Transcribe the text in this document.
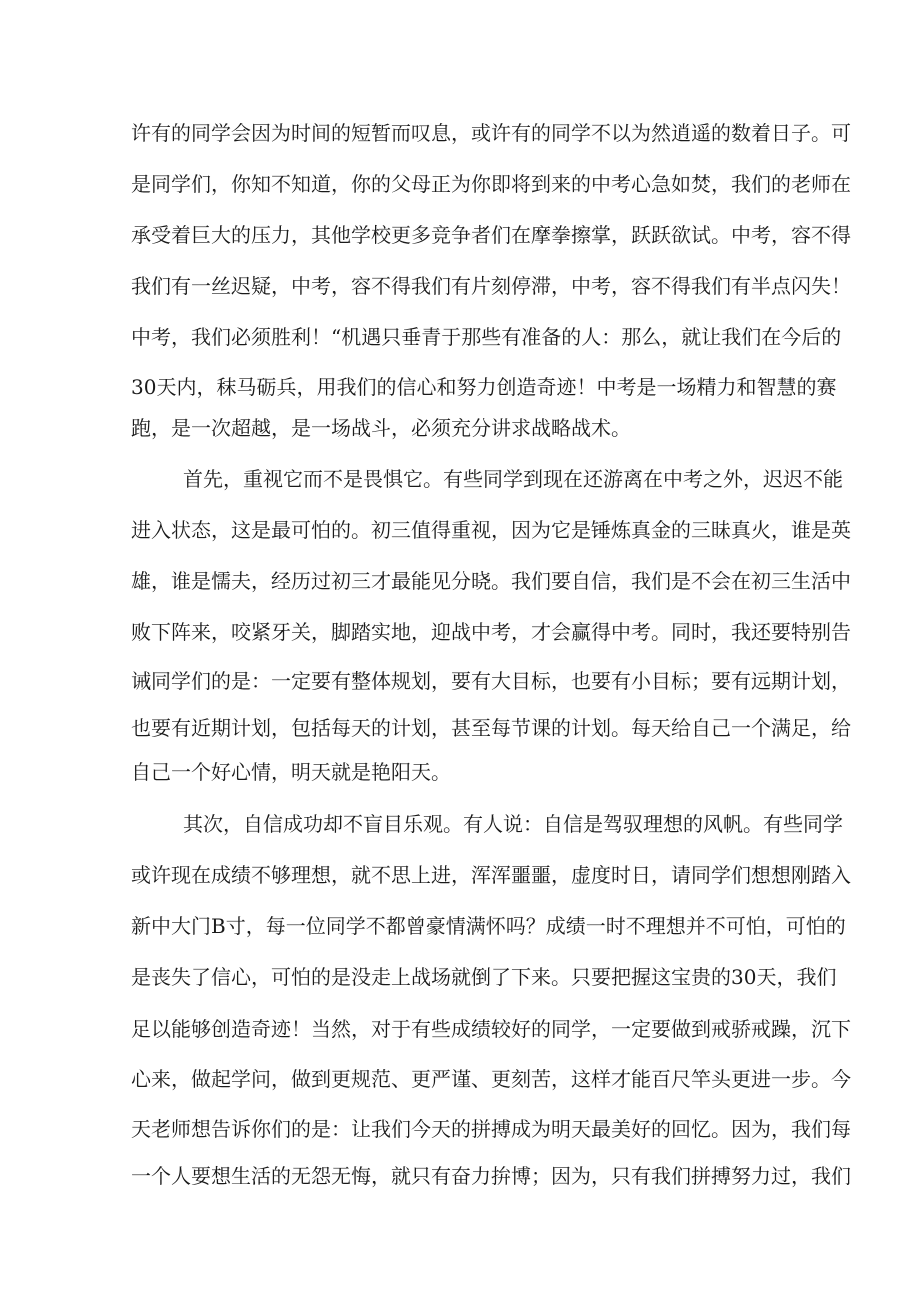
许有的同学会因为时间的短暂而叹息，或许有的同学不以为然逍遥的数着日子。可
是同学们，你知不知道，你的父母正为你即将到来的中考心急如焚，我们的老师在
承受着巨大的压力，其他学校更多竞争者们在摩拳擦掌，跃跃欲试。中考，容不得
我们有一丝迟疑，中考，容不得我们有片刻停滞，中考，容不得我们有半点闪失！
中考，我们必须胜利！“机遇只垂青于那些有准备的人：那么，就让我们在今后的
30天内，秣马砺兵，用我们的信心和努力创造奇迹！中考是一场精力和智慧的赛
跑，是一次超越，是一场战斗，必须充分讲求战略战术。
首先，重视它而不是畏惧它。有些同学到现在还游离在中考之外，迟迟不能
进入状态，这是最可怕的。初三值得重视，因为它是锤炼真金的三昧真火，谁是英
雄，谁是懦夫，经历过初三才最能见分晓。我们要自信，我们是不会在初三生活中
败下阵来，咬紧牙关，脚踏实地，迎战中考，才会赢得中考。同时，我还要特别告
诫同学们的是：一定要有整体规划，要有大目标，也要有小目标；要有远期计划，
也要有近期计划，包括每天的计划，甚至每节课的计划。每天给自己一个满足，给
自己一个好心情，明天就是艳阳天。
其次，自信成功却不盲目乐观。有人说：自信是驾驭理想的风帆。有些同学
或许现在成绩不够理想，就不思上进，浑浑噩噩，虚度时日，请同学们想想刚踏入
新中大门B寸，每一位同学不都曾豪情满怀吗？成绩一时不理想并不可怕，可怕的
是丧失了信心，可怕的是没走上战场就倒了下来。只要把握这宝贵的30天，我们
足以能够创造奇迹！当然，对于有些成绩较好的同学，一定要做到戒骄戒躁，沉下
心来，做起学问，做到更规范、更严谨、更刻苦，这样才能百尺竿头更进一步。今
天老师想告诉你们的是：让我们今天的拼搏成为明天最美好的回忆。因为，我们每
一个人要想生活的无怨无悔，就只有奋力拚博；因为，只有我们拼搏努力过，我们
